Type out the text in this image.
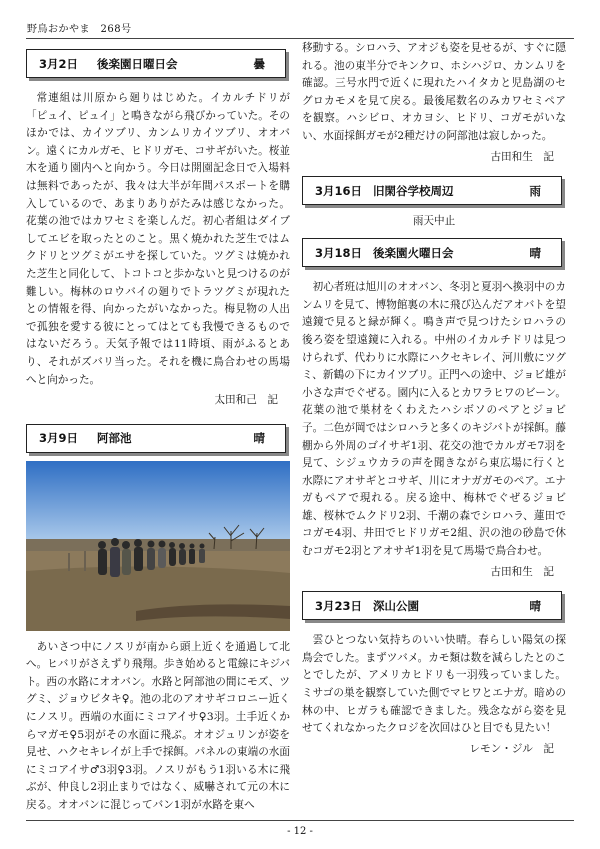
野鳥おかやま　268号
3月2日	後楽園日曜日会	曇

常連組は川原から廻りはじめた。イカルチドリが「ピュイ、ピュイ」と鳴きながら飛びかっていた。そのほかでは、カイツブリ、カンムリカイツブリ、オオバン。遠くにカルガモ、ヒドリガモ、コサギがいた。桜並木を通り園内へと向かう。今日は開園記念日で入場料は無料であったが、我々は大半が年間パスポートを購入しているので、あまりありがたみは感じなかった。花葉の池ではカワセミを楽しんだ。初心者組はダイブしてエビを取ったとのこと。黒く焼かれた芝生ではムクドリとツグミがエサを探していた。ツグミは焼かれた芝生と同化して、トコトコと歩かないと見つけるのが難しい。梅林のロウバイの廻りでトラツグミが現れたとの情報を得、向かったがいなかった。梅見物の人出で孤独を愛する彼にとってはとても我慢できるものではないだろう。天気予報では11時頃、雨がふるとあり、それがズバリ当った。それを機に鳥合わせの馬場へと向かった。

太田和己　記
3月9日	阿部池	晴

あいさつ中にノスリが南から頭上近くを通過して北へ。ヒバリがさえずり飛翔。歩き始めると電線にキジバト。西の水路にオオバン。水路と阿部池の間にモズ、ツグミ、ジョウビタキ♀。池の北のアオサギコロニー近くにノスリ。西端の水面にミコアイサ♀3羽。土手近くからマガモ♀5羽がその水面に飛ぶ。オオジュリンが姿を見せ、ハクセキレイが上手で採餌。パネルの東端の水面にミコアイサ♂3羽♀3羽。ノスリがもう1羽いる木に飛ぶが、仲良し2羽止まりではなく、威嚇されて元の木に戻る。オオバンに混じってバン1羽が水路を東へ

移動する。シロハラ、アオジも姿を見せるが、すぐに隠れる。池の東半分でキンクロ、ホシハジロ、カンムリを確認。三号水門で近くに現れたハイタカと児島湖のセグロカモメを見て戻る。最後尾数名のみカワセミペアを観察。ハシビロ、オカヨシ、ヒドリ、コガモがいない、水面採餌ガモが2種だけの阿部池は寂しかった。

古田和生　記
3月16日 旧閑谷学校周辺	雨
雨天中止
3月18日 後楽園火曜日会	晴

初心者班は旭川のオオバン、冬羽と夏羽へ換羽中のカンムリを見て、博物館裏の木に飛び込んだアオバトを望遠鏡で見ると緑が輝く。鳴き声で見つけたシロハラの後ろ姿を望遠鏡に入れる。中州のイカルチドリは見つけられず、代わりに水際にハクセキレイ、河川敷にツグミ、新鶴の下にカイツブリ。正門への途中、ジョビ雄が小さな声でぐぜる。園内に入るとカワラヒワのビーン。花葉の池で巣材をくわえたハシボソのペアとジョビ子。二色が岡ではシロハラと多くのキジバトが採餌。藤棚から外周のゴイサギ1羽、花交の池でカルガモ7羽を見て、シジュウカラの声を聞きながら東広場に行くと水際にアオサギとコサギ、川にオナガガモのペア。エナガもペアで現れる。戻る途中、梅林でぐぜるジョビ雄、桜林でムクドリ2羽、千潮の森でシロハラ、蓮田でコガモ4羽、井田でヒドリガモ2組、沢の池の砂島で休むコガモ2羽とアオサギ1羽を見て馬場で鳥合わせ。

古田和生　記
3月23日 深山公園	晴

雲ひとつない気持ちのいい快晴。春らしい陽気の探鳥会でした。まずツバメ。カモ類は数を減らしたとのことでしたが、アメリカヒドリも一羽残っていました。ミサゴの巣を観察していた側でマヒワとエナガ。暗めの林の中、ヒガラも確認できました。残念ながら姿を見せてくれなかったクロジを次回はひと目でも見たい！

レモン・ジル　記
- 12 -
